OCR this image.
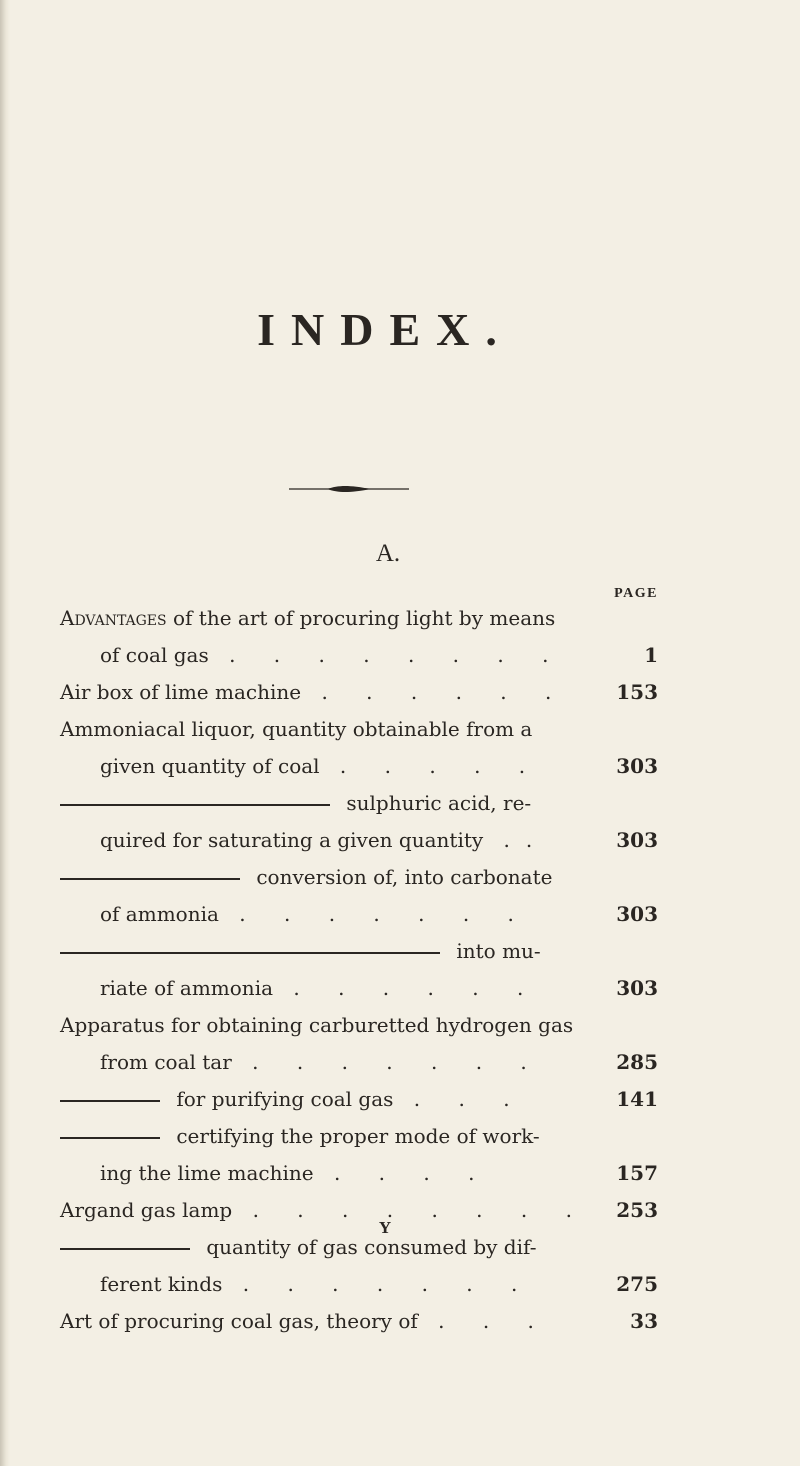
INDEX.
A.
PAGE
Advantages of the art of procuring light by means
of coal gas . . . . . . . .	1
Air box of lime machine . . . . . . 153
Ammoniacal liquor, quantity obtainable from a
given quantity of coal . . . . .	303
sulphuric acid, re-
quired for saturating a given quantity ..	303
conversion of, into carbonate
of ammonia . . . . . . .	303
into mu-
riate of ammonia . . . . . .	303
Apparatus for obtaining carburetted hydrogen gas
from coal tar . . . . . . .	285
for purifying coal gas . . .	141
certifying the proper mode of work-
ing the lime machine . . . .	157
Argand gas lamp . . . . . . . . 253
quantity of gas consumed by dif-
ferent kinds . . . . . . .	275
Art of procuring coal gas, theory of . . .	33
Y
